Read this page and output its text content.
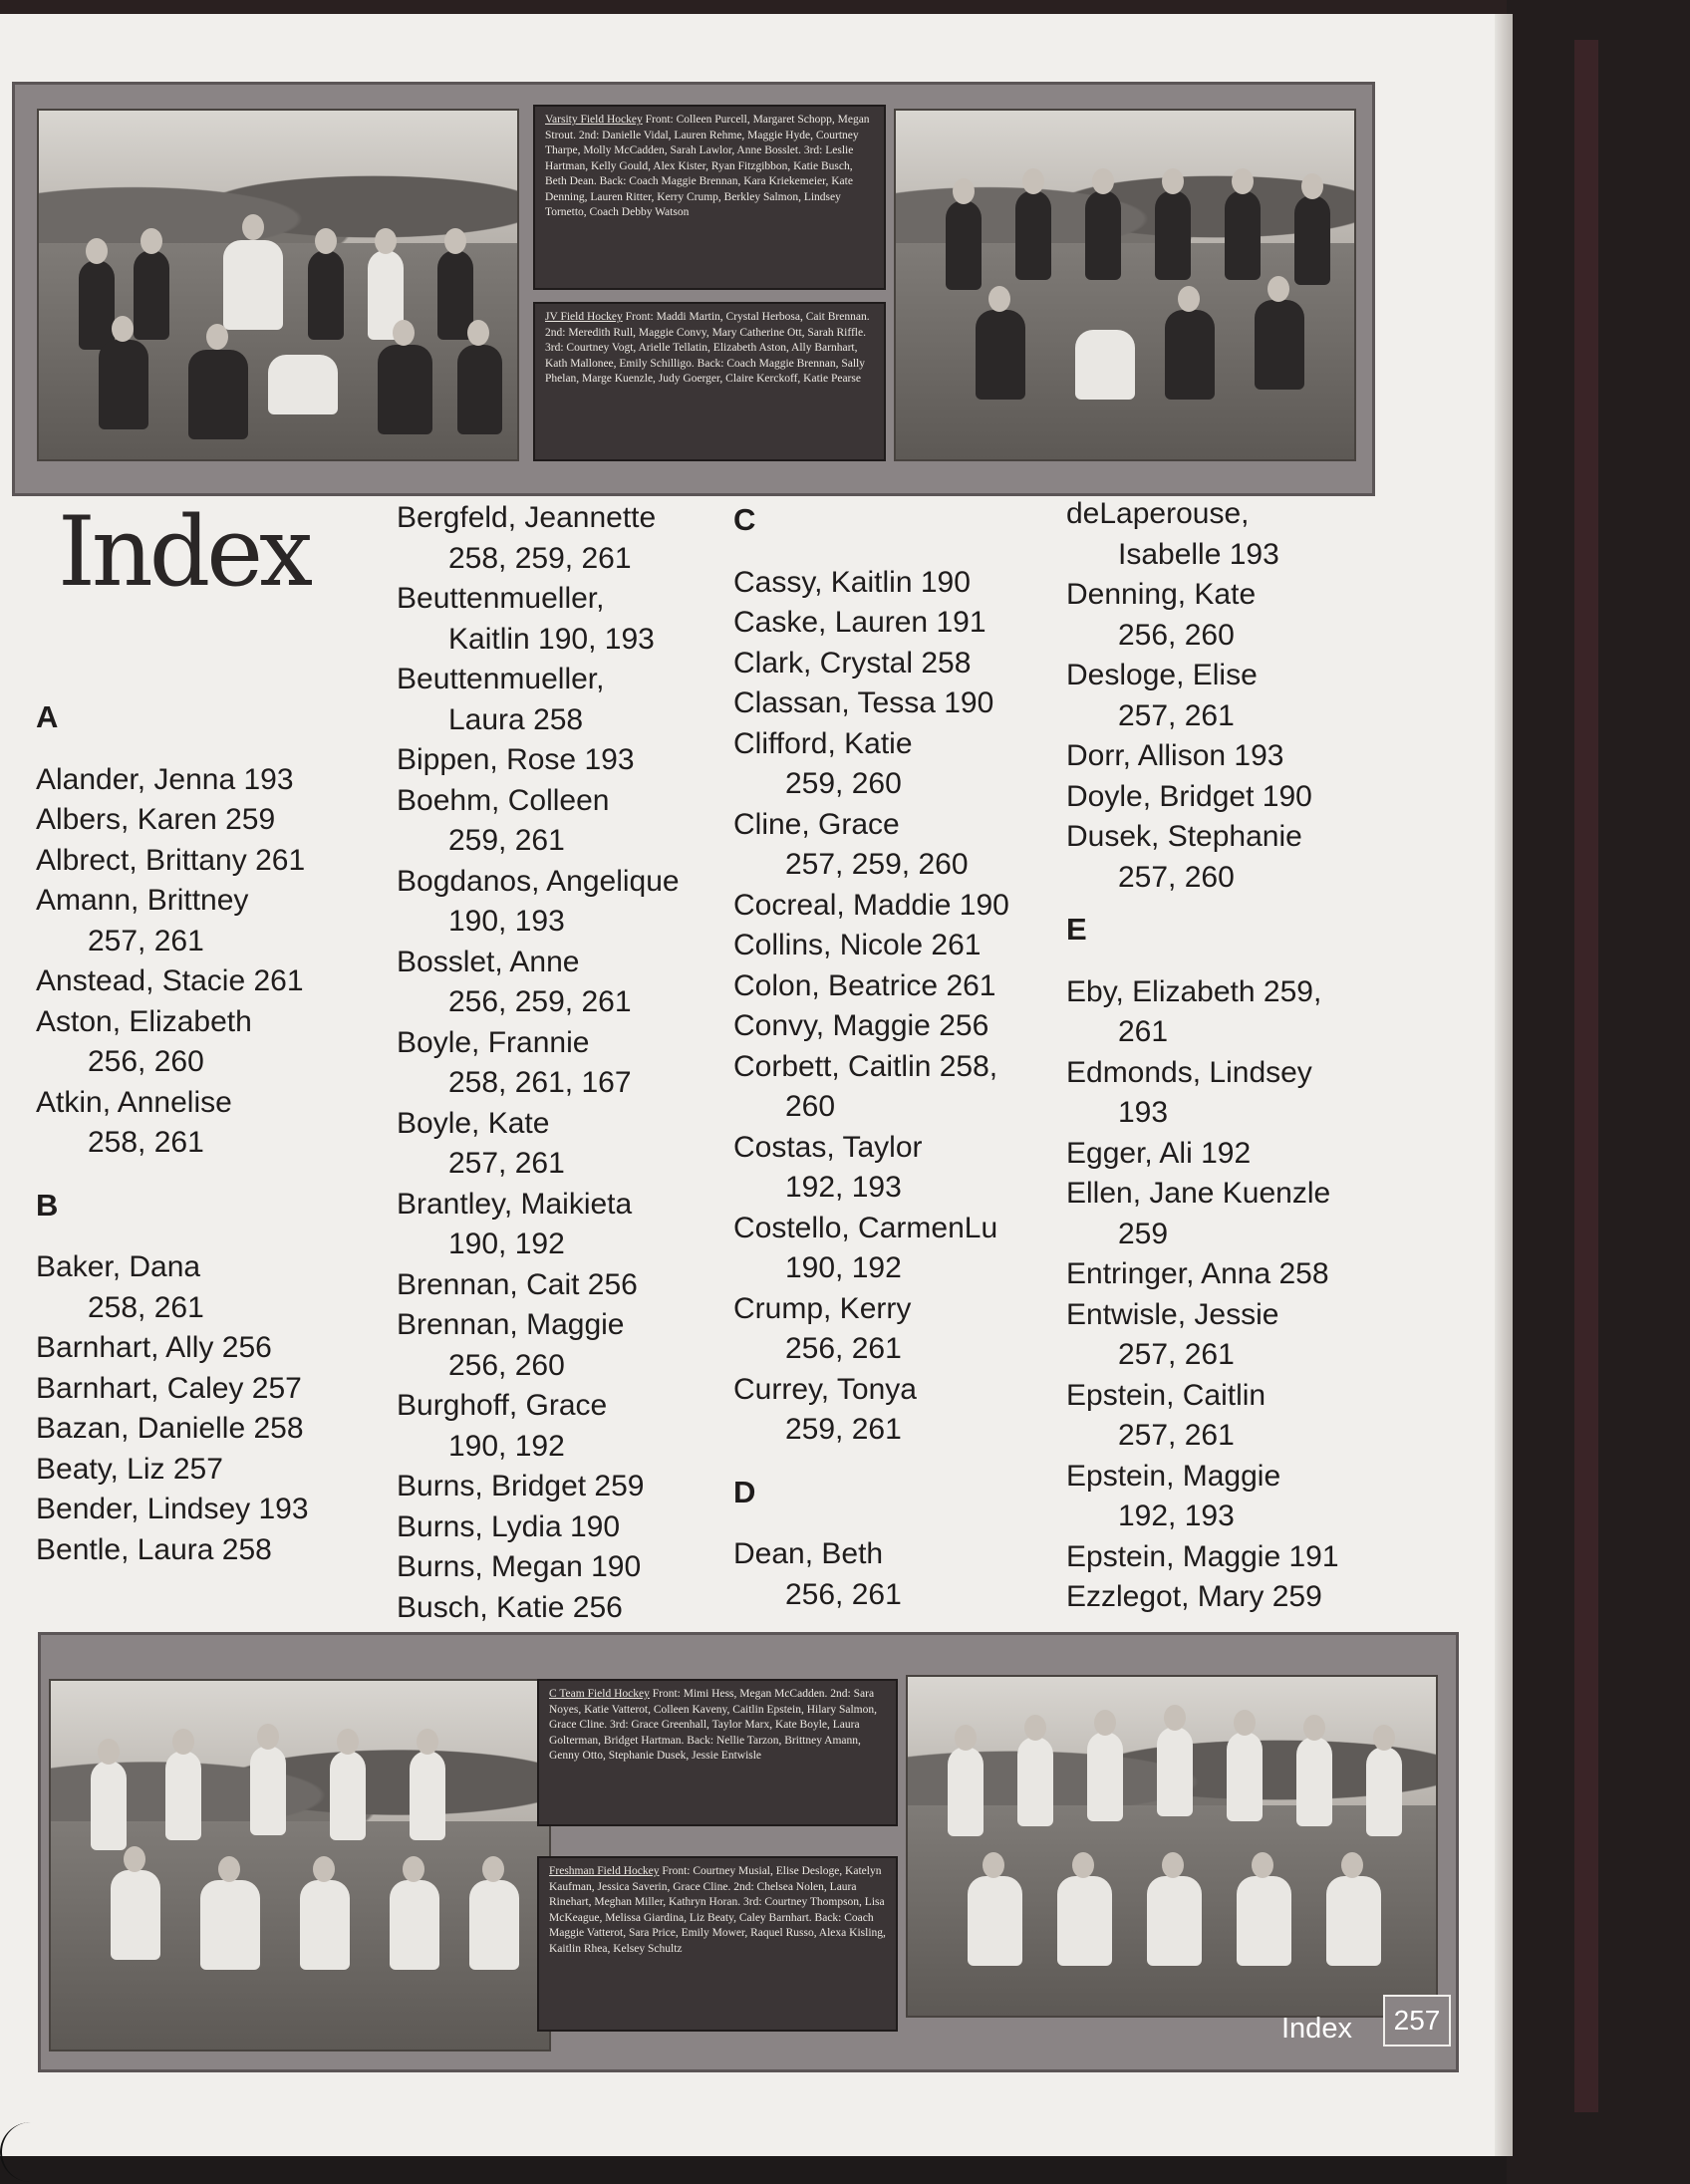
Varsity Field Hockey Front: Colleen Purcell, Margaret Schopp, Megan Strout. 2nd: Danielle Vidal, Lauren Rehme, Maggie Hyde, Courtney Tharpe, Molly McCadden, Sarah Lawlor, Anne Bosslet. 3rd: Leslie Hartman, Kelly Gould, Alex Kister, Ryan Fitzgibbon, Katie Busch, Beth Dean. Back: Coach Maggie Brennan, Kara Kriekemeier, Kate Denning, Lauren Ritter, Kerry Crump, Berkley Salmon, Lindsey Tornetto, Coach Debby Watson
JV Field Hockey Front: Maddi Martin, Crystal Herbosa, Cait Brennan. 2nd: Meredith Rull, Maggie Convy, Mary Catherine Ott, Sarah Riffle. 3rd: Courtney Vogt, Arielle Tellatin, Elizabeth Aston, Ally Barnhart, Kath Mallonee, Emily Schilligo. Back: Coach Maggie Brennan, Sally Phelan, Marge Kuenzle, Judy Goerger, Claire Kerckoff, Katie Pearse
Index

A

Alander, Jenna 193

Albers, Karen 259

Albrect, Brittany 261

Amann, Brittney
257, 261

Anstead, Stacie 261

Aston, Elizabeth
256, 260

Atkin, Annelise
258, 261

B

Baker, Dana
258, 261

Barnhart, Ally 256

Barnhart, Caley 257

Bazan, Danielle 258

Beaty, Liz 257

Bender, Lindsey 193

Bentle, Laura 258

Bergfeld, Jeannette
258, 259, 261

Beuttenmueller,
Kaitlin 190, 193

Beuttenmueller,
Laura 258

Bippen, Rose 193

Boehm, Colleen
259, 261

Bogdanos, Angelique
190, 193

Bosslet, Anne
256, 259, 261

Boyle, Frannie
258, 261, 167

Boyle, Kate
257, 261

Brantley, Maikieta
190, 192

Brennan, Cait 256

Brennan, Maggie
256, 260

Burghoff, Grace
190, 192

Burns, Bridget 259

Burns, Lydia 190

Burns, Megan 190

Busch, Katie 256

C

Cassy, Kaitlin 190

Caske, Lauren 191

Clark, Crystal 258

Classan, Tessa 190

Clifford, Katie
259, 260

Cline, Grace
257, 259, 260

Cocreal, Maddie 190

Collins, Nicole 261

Colon, Beatrice 261

Convy, Maggie 256

Corbett, Caitlin 258,
260

Costas, Taylor
192, 193

Costello, CarmenLu
190, 192

Crump, Kerry
256, 261

Currey, Tonya
259, 261

D

Dean, Beth
256, 261

deLaperouse,
Isabelle 193

Denning, Kate
256, 260

Desloge, Elise
257, 261

Dorr, Allison 193

Doyle, Bridget 190

Dusek, Stephanie
257, 260

E

Eby, Elizabeth 259,
261

Edmonds, Lindsey
193

Egger, Ali 192

Ellen, Jane Kuenzle
259

Entringer, Anna 258

Entwisle, Jessie
257, 261

Epstein, Caitlin
257, 261

Epstein, Maggie
192, 193

Epstein, Maggie 191

Ezzlegot, Mary 259

C Team Field Hockey Front: Mimi Hess, Megan McCadden. 2nd: Sara Noyes, Katie Vatterot, Colleen Kaveny, Caitlin Epstein, Hilary Salmon, Grace Cline. 3rd: Grace Greenhall, Taylor Marx, Kate Boyle, Laura Golterman, Bridget Hartman. Back: Nellie Tarzon, Brittney Amann, Genny Otto, Stephanie Dusek, Jessie Entwisle
Freshman Field Hockey Front: Courtney Musial, Elise Desloge, Katelyn Kaufman, Jessica Saverin, Grace Cline. 2nd: Chelsea Nolen, Laura Rinehart, Meghan Miller, Kathryn Horan. 3rd: Courtney Thompson, Lisa McKeague, Melissa Giardina, Liz Beaty, Caley Barnhart. Back: Coach Maggie Vatterot, Sara Price, Emily Mower, Raquel Russo, Alexa Kisling, Kaitlin Rhea, Kelsey Schultz
Index	257
